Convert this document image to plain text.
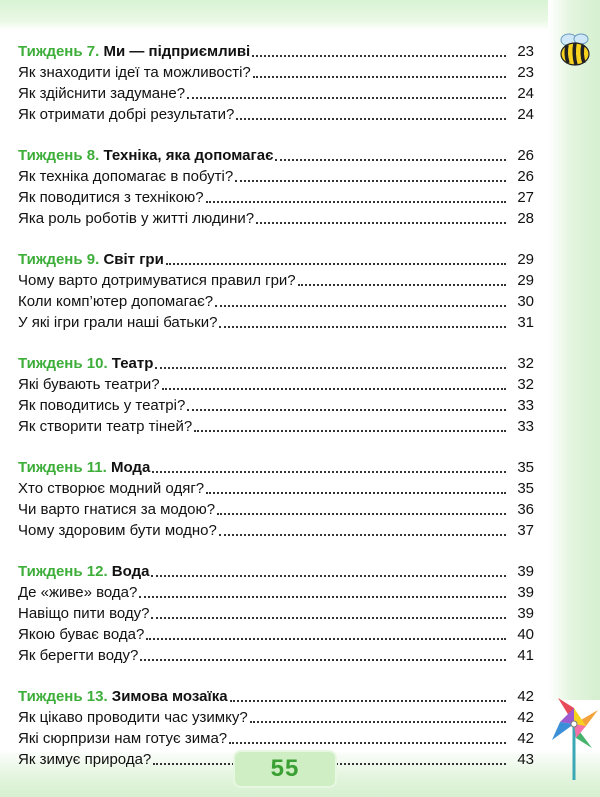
Тиждень 7. Ми — підприємливі	23
Як знаходити ідеї та можливості?	23
Як здійснити задумане?	24
Як отримати добрі результати?	24
Тиждень 8. Техніка, яка допомагає	26
Як техніка допомагає в побуті?	26
Як поводитися з технікою?	27
Яка роль роботів у житті людини?	28
Тиждень 9. Світ гри	29
Чому варто дотримуватися правил гри?	29
Коли комп’ютер допомагає?	30
У які ігри грали наші батьки?	31
Тиждень 10. Театр	32
Які бувають театри?	32
Як поводитись у театрі?	33
Як створити театр тіней?	33
Тиждень 11. Мода	35
Хто створює модний одяг?	35
Чи варто гнатися за модою?	36
Чому здоровим бути модно?	37
Тиждень 12. Вода	39
Де «живе» вода?	39
Навіщо пити воду?	39
Якою буває вода?	40
Як берегти воду?	41
Тиждень 13. Зимова мозаїка	42
Як цікаво проводити час узимку?	42
Які сюрпризи нам готує зима?	42
Як зимує природа?	43
55
